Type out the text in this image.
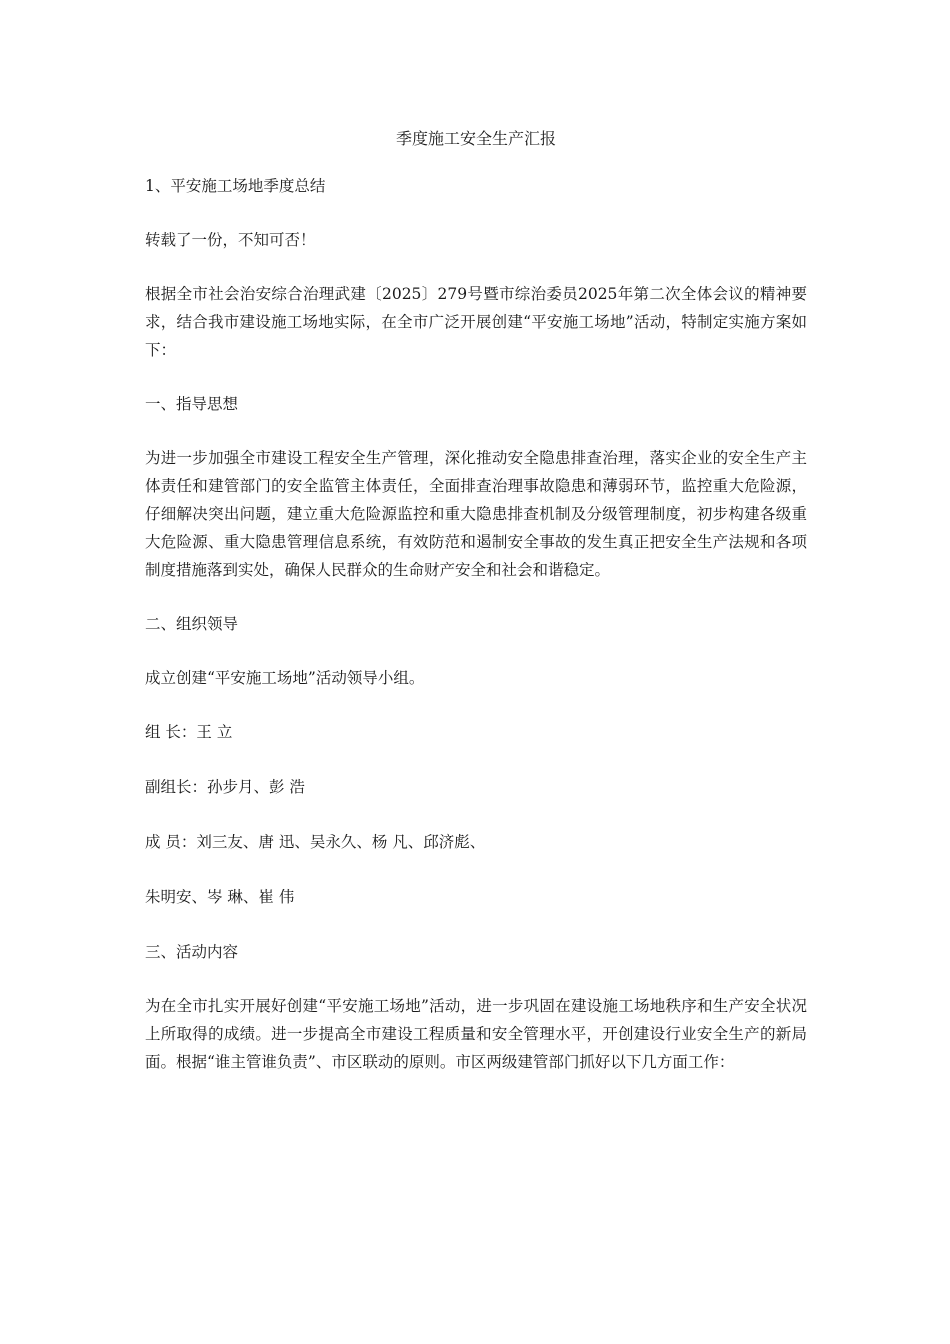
季度施工安全生产汇报
1、平安施工场地季度总结
转载了一份，不知可否！
根据全市社会治安综合治理武建〔2025〕279号暨市综治委员2025年第二次全体会议的精神要求，结合我市建设施工场地实际，在全市广泛开展创建“平安施工场地”活动，特制定实施方案如下：
一、指导思想
为进一步加强全市建设工程安全生产管理，深化推动安全隐患排查治理，落实企业的安全生产主体责任和建管部门的安全监管主体责任，全面排查治理事故隐患和薄弱环节，监控重大危险源，仔细解决突出问题，建立重大危险源监控和重大隐患排查机制及分级管理制度，初步构建各级重大危险源、重大隐患管理信息系统，有效防范和遏制安全事故的发生真正把安全生产法规和各项制度措施落到实处，确保人民群众的生命财产安全和社会和谐稳定。
二、组织领导
成立创建“平安施工场地”活动领导小组。
组 长：王 立
副组长：孙步月、彭 浩
成 员：刘三友、唐 迅、吴永久、杨 凡、邱济彪、
朱明安、岑 琳、崔 伟
三、活动内容
为在全市扎实开展好创建“平安施工场地”活动，进一步巩固在建设施工场地秩序和生产安全状况上所取得的成绩。进一步提高全市建设工程质量和安全管理水平，开创建设行业安全生产的新局面。根据“谁主管谁负责”、市区联动的原则。市区两级建管部门抓好以下几方面工作：
